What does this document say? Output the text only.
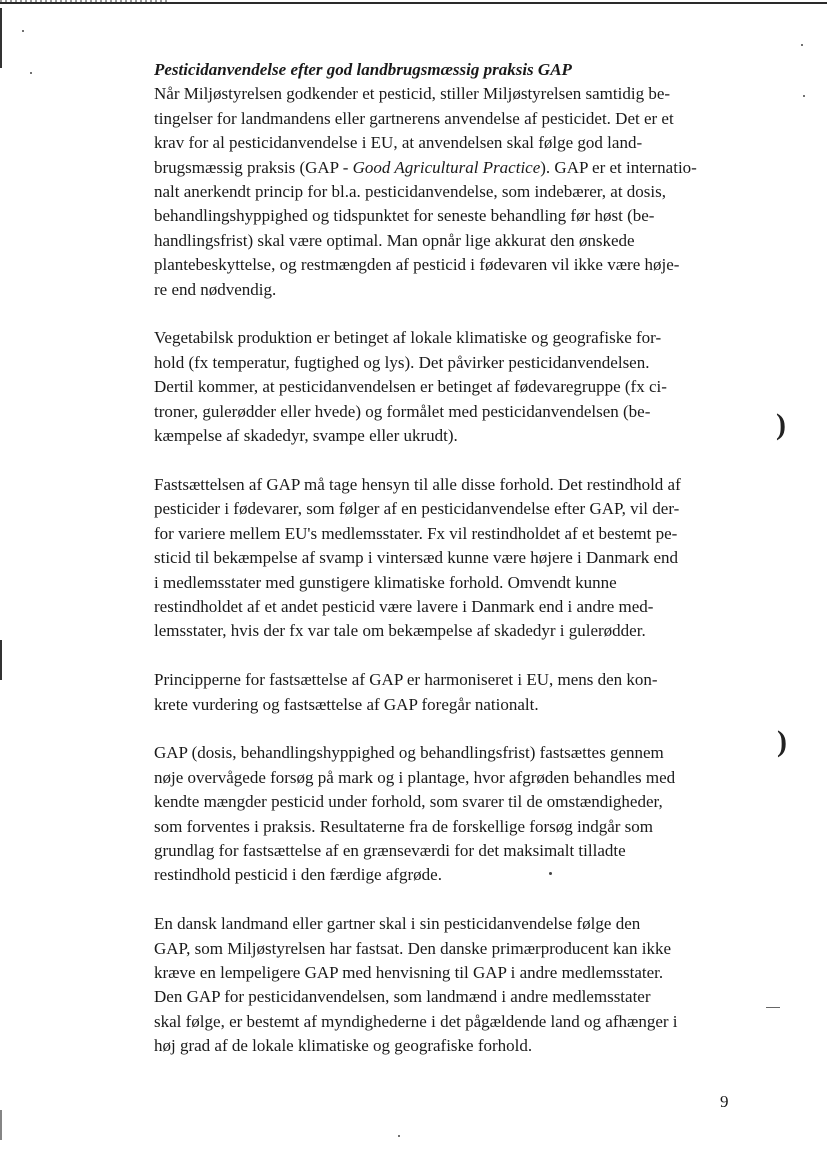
)
)

Pesticidanvendelse efter god landbrugsmæssig praksis GAP

Når Miljøstyrelsen godkender et pesticid, stiller Miljøstyrelsen samtidig be-

tingelser for landmandens eller gartnerens anvendelse af pesticidet. Det er et

krav for al pesticidanvendelse i EU, at anvendelsen skal følge god land-

brugsmæssig praksis (GAP - Good Agricultural Practice). GAP er et internatio-

nalt anerkendt princip for bl.a. pesticidanvendelse, som indebærer, at dosis,

behandlingshyppighed og tidspunktet for seneste behandling før høst (be-

handlingsfrist) skal være optimal. Man opnår lige akkurat den ønskede

plantebeskyttelse, og restmængden af pesticid i fødevaren vil ikke være høje-

re end nødvendig.

Vegetabilsk produktion er betinget af lokale klimatiske og geografiske for-

hold (fx temperatur, fugtighed og lys). Det påvirker pesticidanvendelsen.

Dertil kommer, at pesticidanvendelsen er betinget af fødevaregruppe (fx ci-

troner, gulerødder eller hvede) og formålet med pesticidanvendelsen (be-

kæmpelse af skadedyr, svampe eller ukrudt).

Fastsættelsen af GAP må tage hensyn til alle disse forhold. Det restindhold af

pesticider i fødevarer, som følger af en pesticidanvendelse efter GAP, vil der-

for variere mellem EU's medlemsstater. Fx vil restindholdet af et bestemt pe-

sticid til bekæmpelse af svamp i vintersæd kunne være højere i Danmark end

i medlemsstater med gunstigere klimatiske forhold. Omvendt kunne

restindholdet af et andet pesticid være lavere i Danmark end i andre med-

lemsstater, hvis der fx var tale om bekæmpelse af skadedyr i gulerødder.

Principperne for fastsættelse af GAP er harmoniseret i EU, mens den kon-

krete vurdering og fastsættelse af GAP foregår nationalt.

GAP (dosis, behandlingshyppighed og behandlingsfrist) fastsættes gennem

nøje overvågede forsøg på mark og i plantage, hvor afgrøden behandles med

kendte mængder pesticid under forhold, som svarer til de omstændigheder,

som forventes i praksis. Resultaterne fra de forskellige forsøg indgår som

grundlag for fastsættelse af en grænseværdi for det maksimalt tilladte

restindhold pesticid i den færdige afgrøde.

En dansk landmand eller gartner skal i sin pesticidanvendelse følge den

GAP, som Miljøstyrelsen har fastsat. Den danske primærproducent kan ikke

kræve en lempeligere GAP med henvisning til GAP i andre medlemsstater.

Den GAP for pesticidanvendelsen, som landmænd i andre medlemsstater

skal følge, er bestemt af myndighederne i det pågældende land og afhænger i

høj grad af de lokale klimatiske og geografiske forhold.

9
